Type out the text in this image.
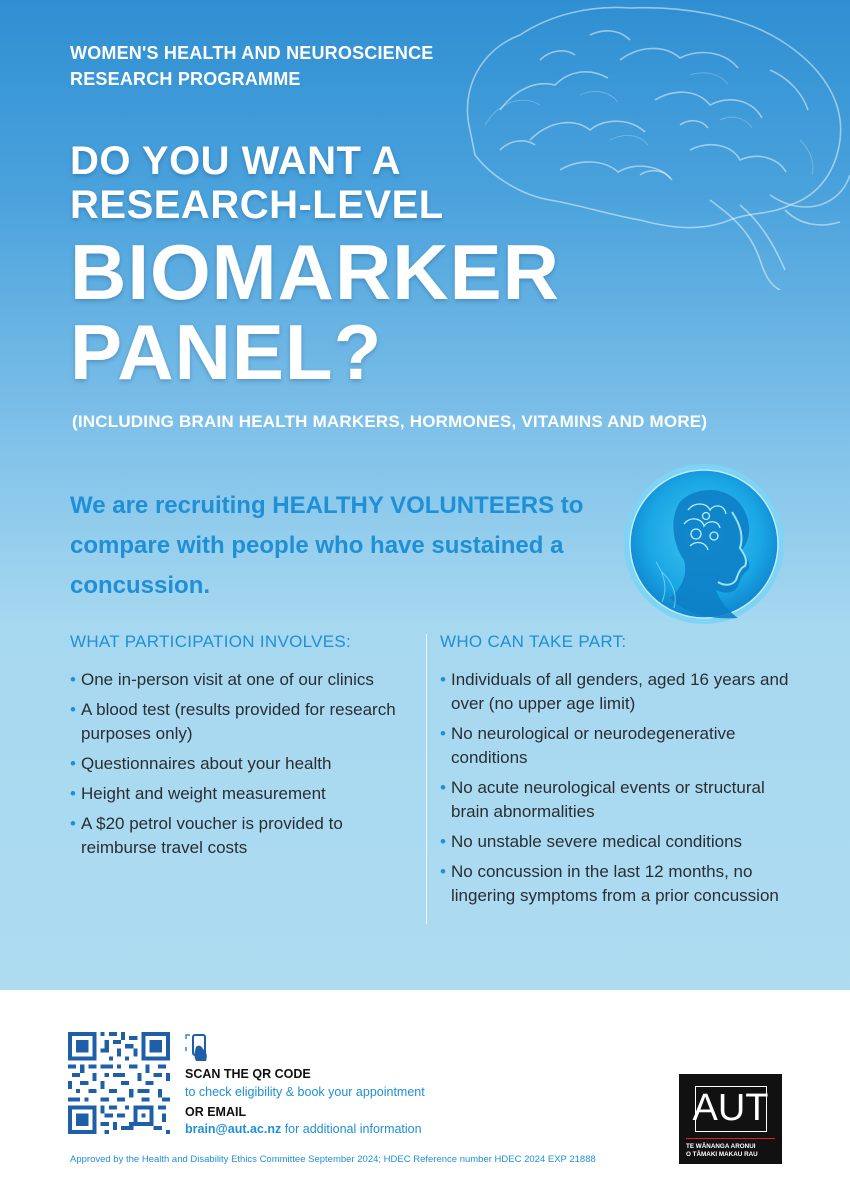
WOMEN'S HEALTH AND NEUROSCIENCE
RESEARCH PROGRAMME
DO YOU WANT A
RESEARCH-LEVEL
BIOMARKER
PANEL?
(INCLUDING BRAIN HEALTH MARKERS, HORMONES, VITAMINS AND MORE)
We are recruiting HEALTHY VOLUNTEERS to compare with people who have sustained a concussion.
WHAT PARTICIPATION INVOLVES:
• One in-person visit at one of our clinics
• A blood test (results provided for research purposes only)
• Questionnaires about your health
• Height and weight measurement
• A $20 petrol voucher is provided to reimburse travel costs
WHO CAN TAKE PART:
• Individuals of all genders, aged 16 years and over (no upper age limit)
• No neurological or neurodegenerative conditions
• No acute neurological events or structural brain abnormalities
• No unstable severe medical conditions
• No concussion in the last 12 months, no lingering symptoms from a prior concussion
SCAN THE QR CODE
to check eligibility & book your appointment
OR EMAIL
brain@aut.ac.nz for additional information
Approved by the Health and Disability Ethics Committee September 2024; HDEC Reference number HDEC 2024 EXP 21888
AUT
TE WĀNANGA ARONUI
O TĀMAKI MAKAU RAU
